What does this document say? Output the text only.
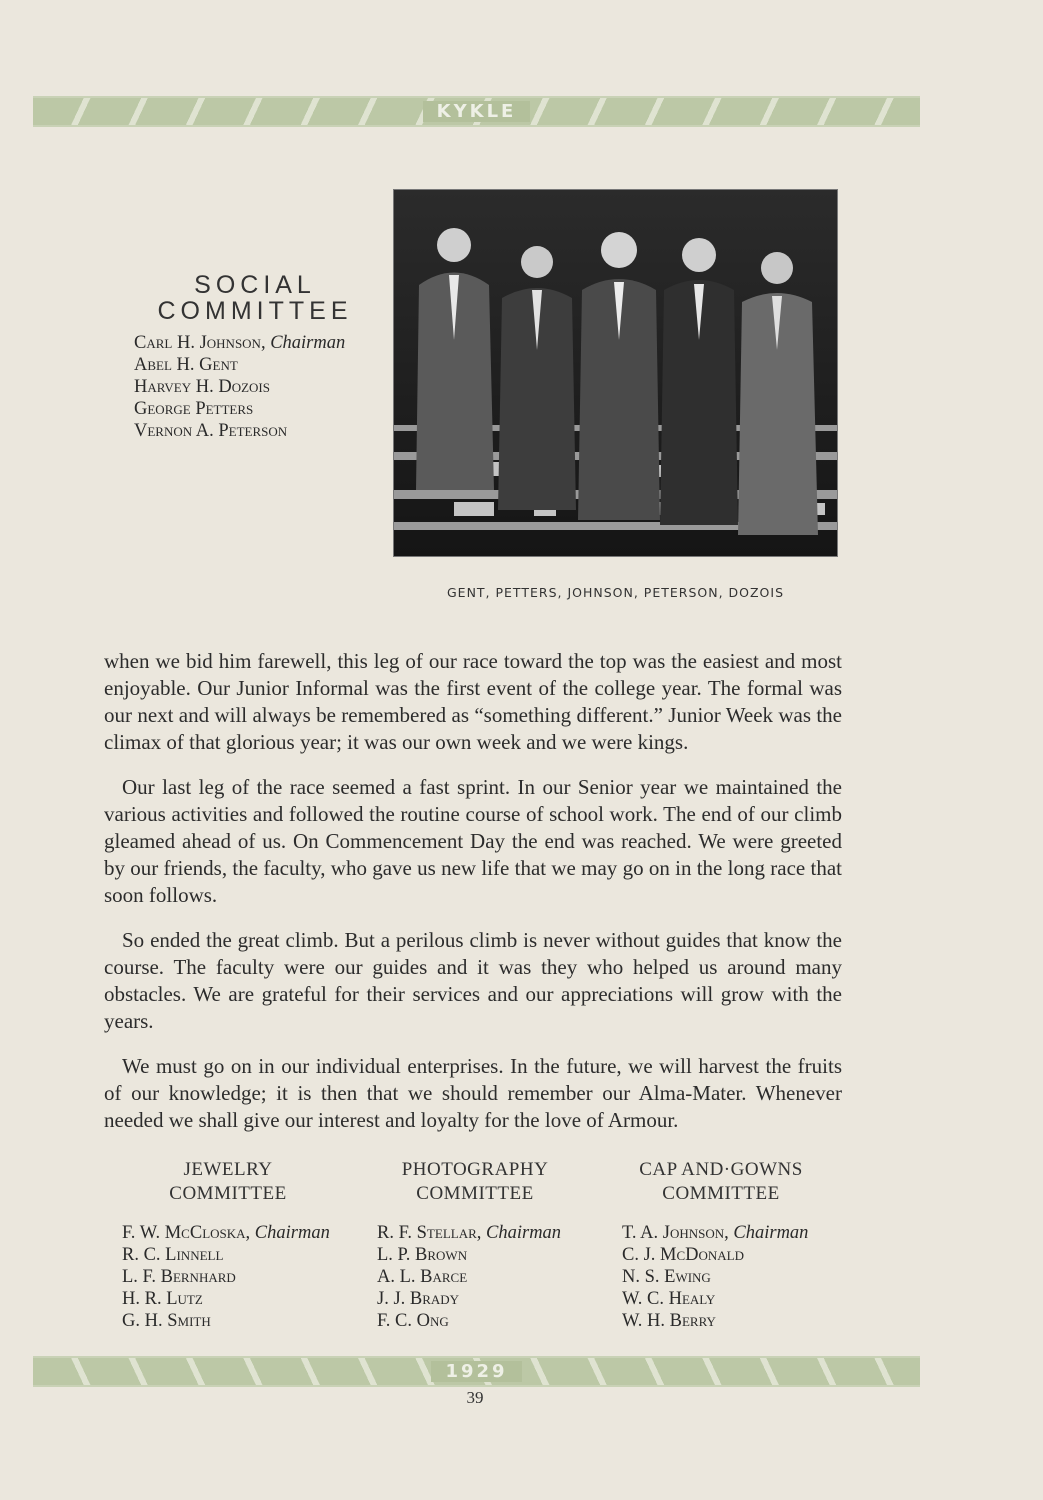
KYKLE
SOCIAL
COMMITTEE
Carl H. Johnson, Chairman
Abel H. Gent
Harvey H. Dozois
George Petters
Vernon A. Peterson
GENT, PETTERS, JOHNSON, PETERSON, DOZOIS

when we bid him farewell, this leg of our race toward the top was the easiest and most enjoyable. Our Junior Informal was the first event of the college year. The formal was our next and will always be remembered as “something different.” Junior Week was the climax of that glorious year; it was our own week and we were kings.

Our last leg of the race seemed a fast sprint. In our Senior year we maintained the various activities and followed the routine course of school work. The end of our climb gleamed ahead of us. On Commencement Day the end was reached. We were greeted by our friends, the faculty, who gave us new life that we may go on in the long race that soon follows.

So ended the great climb. But a perilous climb is never without guides that know the course. The faculty were our guides and it was they who helped us around many obstacles. We are grateful for their services and our appreciations will grow with the years.

We must go on in our individual enterprises. In the future, we will harvest the fruits of our knowledge; it is then that we should remember our Alma-Mater. Whenever needed we shall give our interest and loyalty for the love of Armour.

JEWELRY
COMMITTEE
F. W. McCloska, Chairman
R. C. Linnell
L. F. Bernhard
H. R. Lutz
G. H. Smith
PHOTOGRAPHY
COMMITTEE
R. F. Stellar, Chairman
L. P. Brown
A. L. Barce
J. J. Brady
F. C. Ong
CAP AND·GOWNS
COMMITTEE
T. A. Johnson, Chairman
C. J. McDonald
N. S. Ewing
W. C. Healy
W. H. Berry
1929
39
